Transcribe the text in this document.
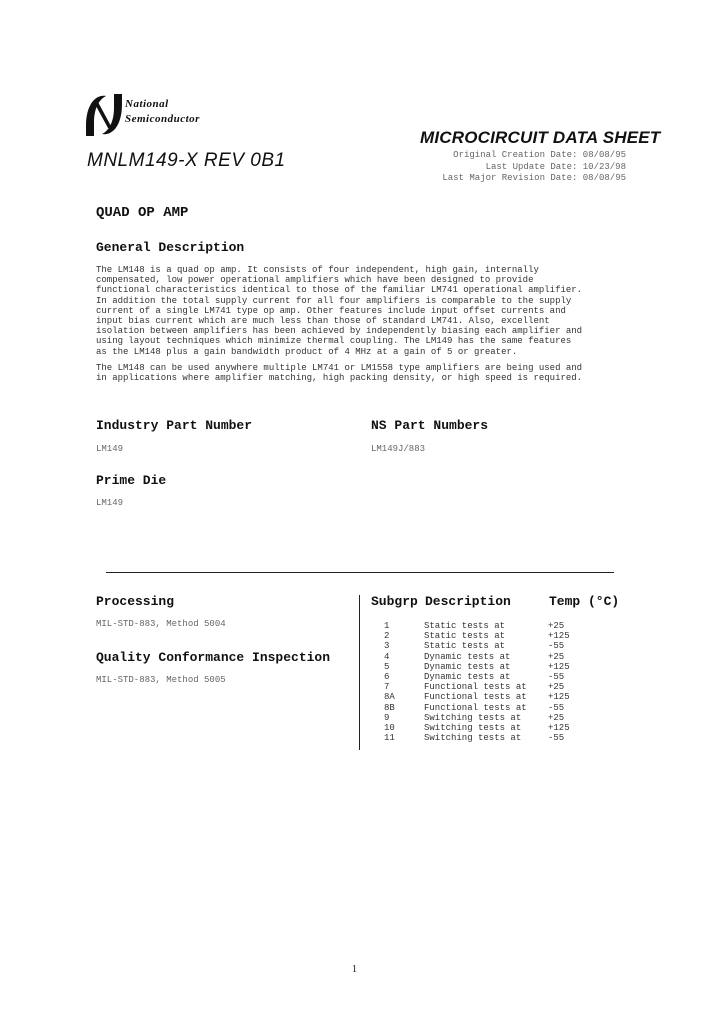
National
Semiconductor
MICROCIRCUIT DATA SHEET
MNLM149-X REV 0B1	Original Creation Date: 08/08/95
Last Update Date: 10/23/98
Last Major Revision Date: 08/08/95
QUAD OP AMP
General Description
The LM148 is a quad op amp. It consists of four independent, high gain, internally
compensated, low power operational amplifiers which have been designed to provide
functional characteristics identical to those of the familiar LM741 operational amplifier.
In addition the total supply current for all four amplifiers is comparable to the supply
current of a single LM741 type op amp. Other features include input offset currents and
input bias current which are much less than those of standard LM741. Also, excellent
isolation between amplifiers has been achieved by independently biasing each amplifier and
using layout techniques which minimize thermal coupling. The LM149 has the same features
as the LM148 plus a gain bandwidth product of 4 MHz at a gain of 5 or greater.
The LM148 can be used anywhere multiple LM741 or LM1558 type amplifiers are being used and
in applications where amplifier matching, high packing density, or high speed is required.
Industry Part Number
LM149
NS Part Numbers
LM149J/883
Prime Die
LM149
Processing
MIL-STD-883, Method 5004
Quality Conformance Inspection
MIL-STD-883, Method 5005
Subgrp Description	Temp (°C)
1	Static tests at	+25
2	Static tests at	+125
3	Static tests at	-55
4	Dynamic tests at	+25
5	Dynamic tests at	+125
6	Dynamic tests at	-55
7	Functional tests at	+25
8A	Functional tests at	+125
8B	Functional tests at	-55
9	Switching tests at	+25
10	Switching tests at	+125
11	Switching tests at	-55
1
